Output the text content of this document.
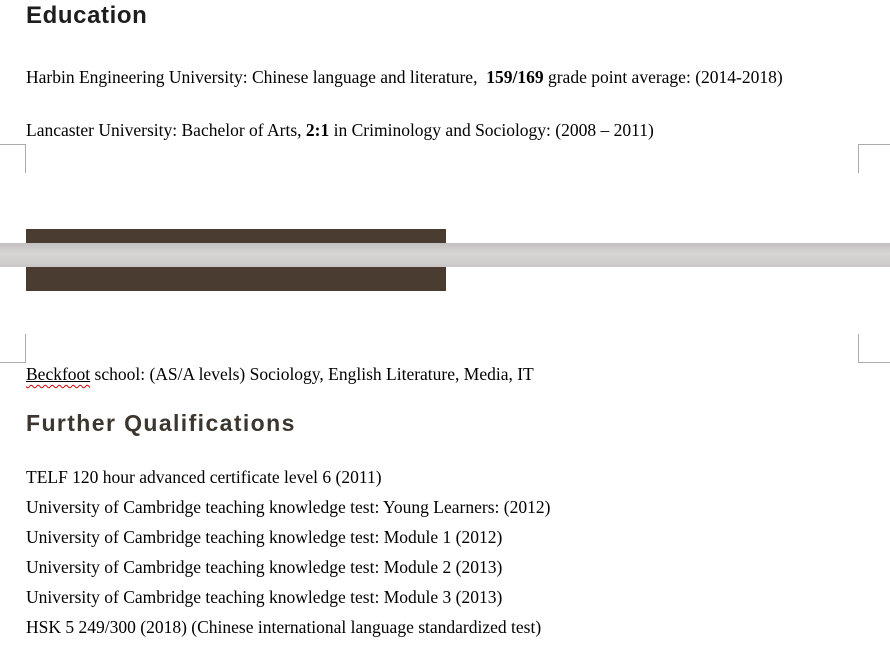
Education

Harbin Engineering University: Chinese language and literature,  159/169 grade point average: (2014-2018)

Lancaster University: Bachelor of Arts, 2:1 in Criminology and Sociology: (2008 – 2011)

Beckfoot school: (AS/A levels) Sociology, English Literature, Media, IT

Further Qualifications

TELF 120 hour advanced certificate level 6 (2011)

University of Cambridge teaching knowledge test: Young Learners: (2012)

University of Cambridge teaching knowledge test: Module 1 (2012)

University of Cambridge teaching knowledge test: Module 2 (2013)

University of Cambridge teaching knowledge test: Module 3 (2013)

HSK 5 249/300 (2018) (Chinese international language standardized test)
